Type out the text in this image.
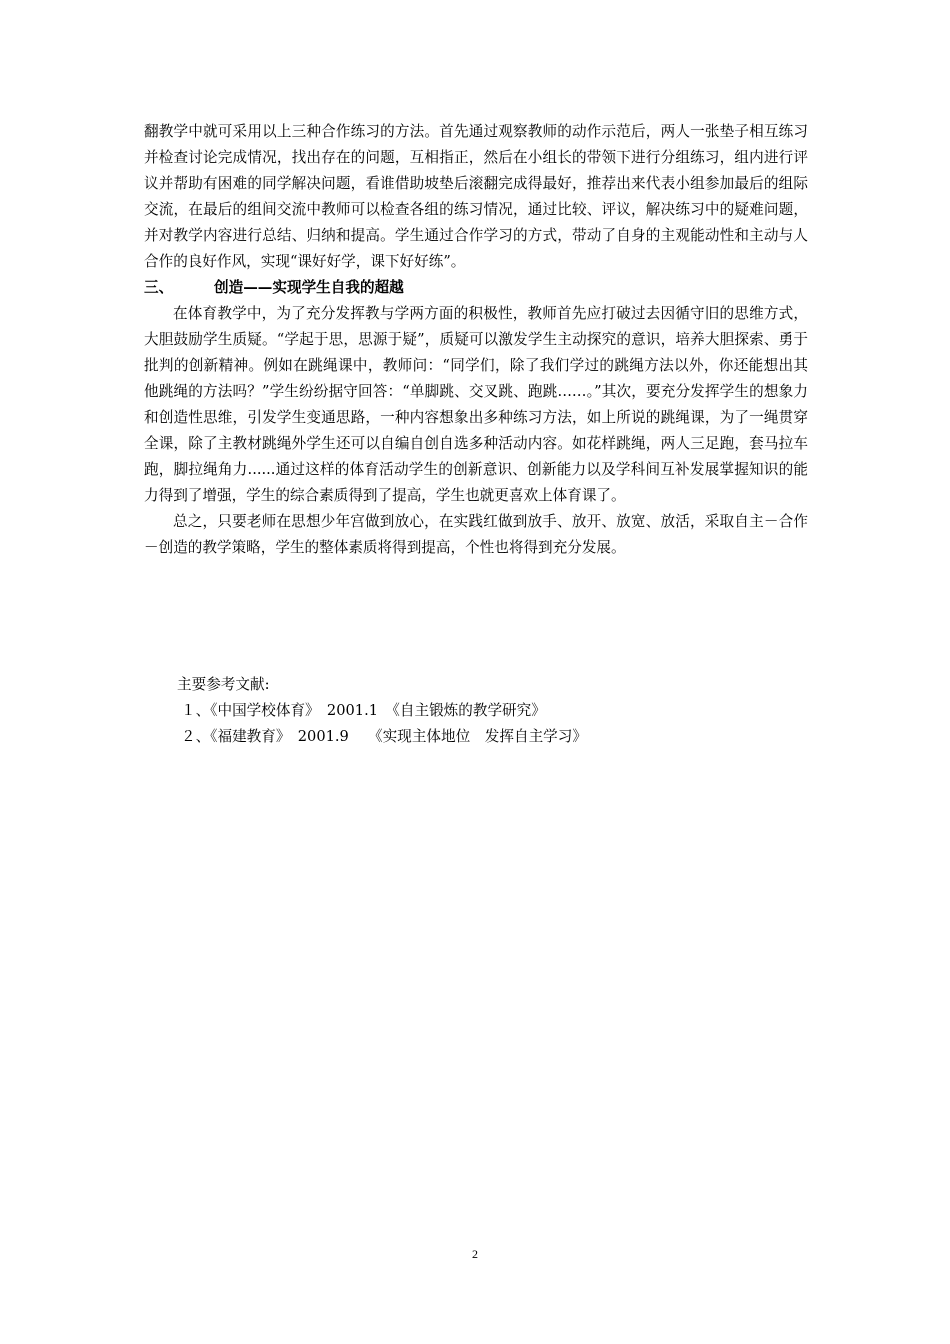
翻教学中就可采用以上三种合作练习的方法。首先通过观察教师的动作示范后，两人一张垫子相互练习并检查讨论完成情况，找出存在的问题，互相指正，然后在小组长的带领下进行分组练习，组内进行评议并帮助有困难的同学解决问题，看谁借助坡垫后滚翻完成得最好，推荐出来代表小组参加最后的组际交流，在最后的组间交流中教师可以检查各组的练习情况，通过比较、评议，解决练习中的疑难问题，并对教学内容进行总结、归纳和提高。学生通过合作学习的方式，带动了自身的主观能动性和主动与人合作的良好作风，实现“课好好学，课下好好练”。

三、	创造——实现学生自我的超越

在体育教学中，为了充分发挥教与学两方面的积极性，教师首先应打破过去因循守旧的思维方式，大胆鼓励学生质疑。“学起于思，思源于疑”，质疑可以激发学生主动探究的意识，培养大胆探索、勇于批判的创新精神。例如在跳绳课中，教师问：“同学们，除了我们学过的跳绳方法以外，你还能想出其他跳绳的方法吗？”学生纷纷据守回答：“单脚跳、交叉跳、跑跳……。”其次，要充分发挥学生的想象力和创造性思维，引发学生变通思路，一种内容想象出多种练习方法，如上所说的跳绳课，为了一绳贯穿全课，除了主教材跳绳外学生还可以自编自创自选多种活动内容。如花样跳绳，两人三足跑，套马拉车跑，脚拉绳角力......通过这样的体育活动学生的创新意识、创新能力以及学科间互补发展掌握知识的能力得到了增强，学生的综合素质得到了提高，学生也就更喜欢上体育课了。

总之，只要老师在思想少年宫做到放心，在实践红做到放手、放开、放宽、放活，采取自主－合作－创造的教学策略，学生的整体素质将得到提高，个性也将得到充分发展。

主要参考文献:

１、《中国学校体育》　2001.1　《自主锻炼的教学研究》

２、《福建教育》　2001.9　 《实现主体地位　发挥自主学习》

2
